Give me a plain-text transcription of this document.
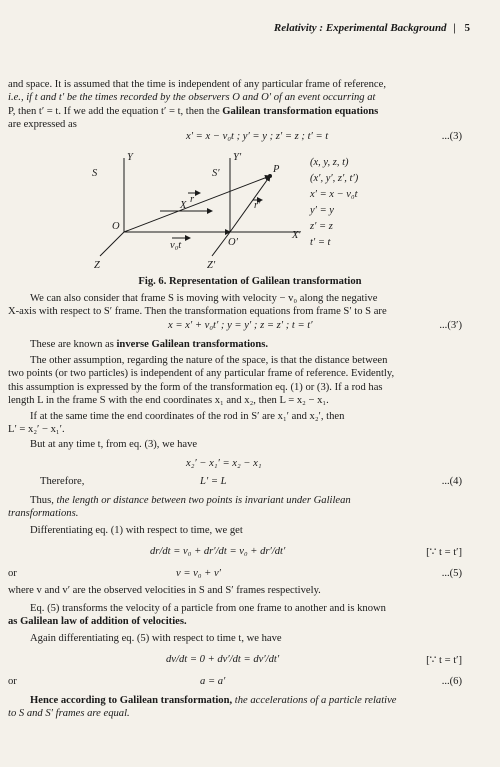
Relativity : Experimental Background | 5
and space. It is assumed that the time is independent of any particular frame of reference,
i.e., if t and t′ be the times recorded by the observers O and O′ of an event occurring at
P, then t′ = t. If we add the equation t′ = t, then the Galilean transformation equations
are expressed as
x′ = x − v₀t ; y′ = y ; z′ = z ; t′ = t	...(3)
S	S′
Y	Y′
P
r
r′
X
O
v₀t	O′
X′
Z	Z′
(x, y, z, t)
(x′, y′, z′, t′)
x′ = x − v₀t
y′ = y
z′ = z
t′ = t
Fig. 6. Representation of Galilean transformation
We can also consider that frame S is moving with velocity − v₀ along the negative
X-axis with respect to S′ frame. Then the transformation equations from frame S′ to S are
x = x′ + v₀t′ ; y = y′ ; z = z′ ; t = t′	...(3′)
These are known as inverse Galilean transformations.
The other assumption, regarding the nature of the space, is that the distance between
two points (or two particles) is independent of any particular frame of reference. Evidently,
this assumption is expressed by the form of the transformation eq. (1) or (3). If a rod has
length L in the frame S with the end coordinates x₁ and x₂, then L = x₂ − x₁.
If at the same time the end coordinates of the rod in S′ are x₁′ and x₂′, then
L′ = x₂′ − x₁′.
But at any time t, from eq. (3), we have
x₂′ − x₁′ = x₂ − x₁
Therefore,	L′ = L	...(4)
Thus, the length or distance between two points is invariant under Galilean
transformations.
Differentiating eq. (1) with respect to time, we get
dr/dt = v₀ + dr′/dt = v₀ + dr′/dt′	[∵ t = t′]
or	v = v₀ + v′	...(5)
where v and v′ are the observed velocities in S and S′ frames respectively.
Eq. (5) transforms the velocity of a particle from one frame to another and is known
as Galilean law of addition of velocities.
Again differentiating eq. (5) with respect to time t, we have
dv/dt = 0 + dv′/dt = dv′/dt′	[∵ t = t′]
or	a = a′	...(6)
Hence according to Galilean transformation, the accelerations of a particle relative
to S and S′ frames are equal.
